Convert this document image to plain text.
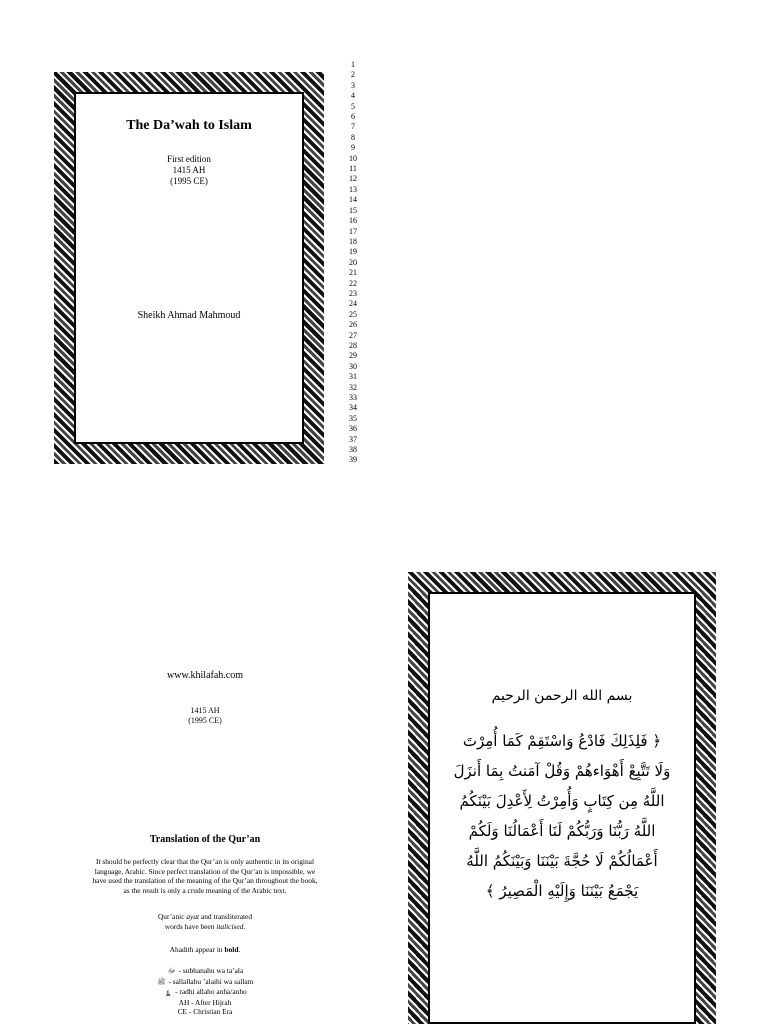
The Da’wah to Islam
First edition
1415 AH
(1995 CE)
Sheikh Ahmad Mahmoud
1
2
3
4
5
6
7
8
9
10
11
12
13
14
15
16
17
18
19
20
21
22
23
24
25
26
27
28
29
30
31
32
33
34
35
36
37
38
39
www.khilafah.com
1415 AH
(1995 CE)
Translation of the Qur’an
It should be perfectly clear that the Qur’an is only authentic in its original
language, Arabic. Since perfect translation of the Qur’an is impossible, we
have used the translation of the meaning of the Qur’an throughout the book,
as the result is only a crude meaning of the Arabic text.
Qur’anic ayat and transliterated
words have been italicised.
Ahadith appear in bold.
ﷻ - subhanahu wa ta’ala
ﷺ - sallallahu ’alaihi wa sallam
؏ - radhi allaho anha/anho
AH - After Hijrah
CE - Christian Era
بسم الله الرحمن الرحيم
﴿ فَلِذَلِكَ فَادْعُ وَاسْتَقِمْ كَمَا أُمِرْتَ
وَلَا تَتَّبِعْ أَهْوَاءهُمْ وَقُلْ آمَنتُ بِمَا أَنزَلَ
اللَّهُ مِن كِتَابٍ وَأُمِرْتُ لِأَعْدِلَ بَيْنَكُمُ
اللَّهُ رَبُّنَا وَرَبُّكُمْ لَنَا أَعْمَالُنَا وَلَكُمْ
أَعْمَالُكُمْ لَا حُجَّةَ بَيْنَنَا وَبَيْنَكُمُ اللَّهُ
يَجْمَعُ بَيْنَنَا وَإِلَيْهِ الْمَصِيرُ ﴾
